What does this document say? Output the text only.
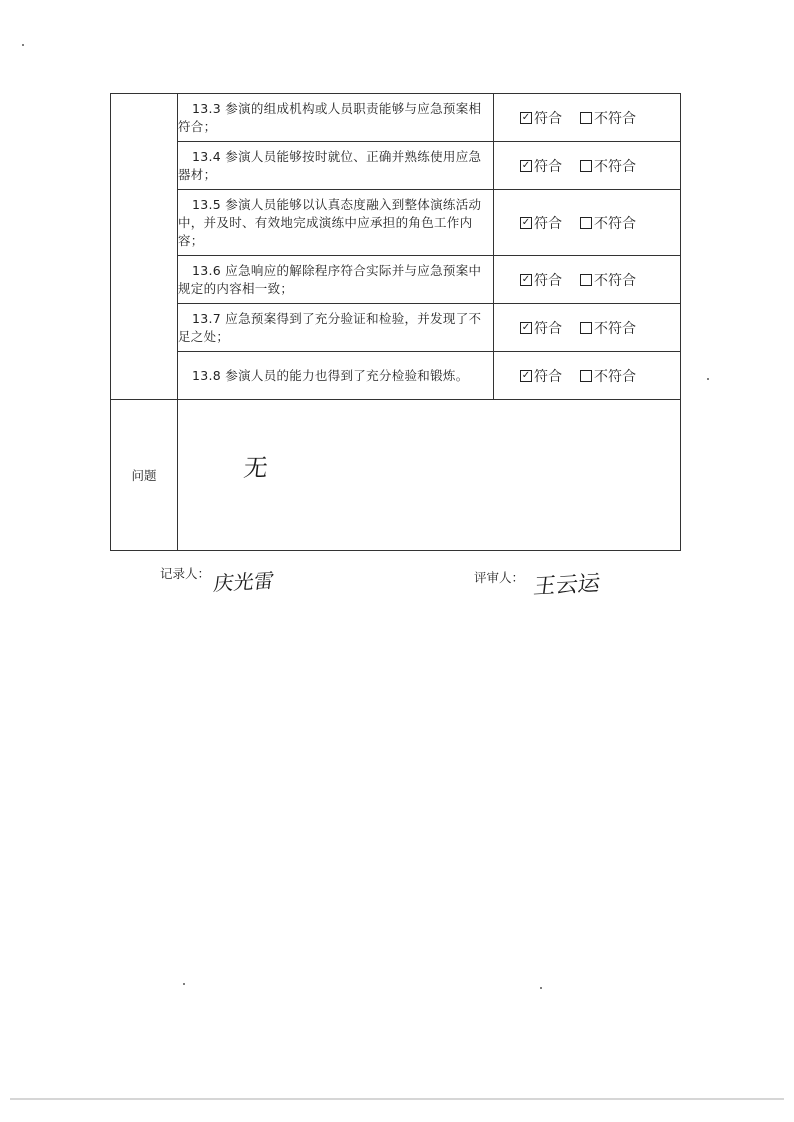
	13.3 参演的组成机构或人员职责能够与应急预案相符合；	✓ 符合 不符合

	13.4 参演人员能够按时就位、正确并熟练使用应急器材；	✓ 符合 不符合

	13.5 参演人员能够以认真态度融入到整体演练活动中，并及时、有效地完成演练中应承担的角色工作内容；	✓ 符合 不符合

	13.6 应急响应的解除程序符合实际并与应急预案中规定的内容相一致；	✓ 符合 不符合

	13.7 应急预案得到了充分验证和检验，并发现了不足之处；	✓ 符合 不符合

	13.8 参演人员的能力也得到了充分检验和锻炼。	✓ 符合 不符合

问题	无	
记录人： 庆光雷	评审人： 王云运
